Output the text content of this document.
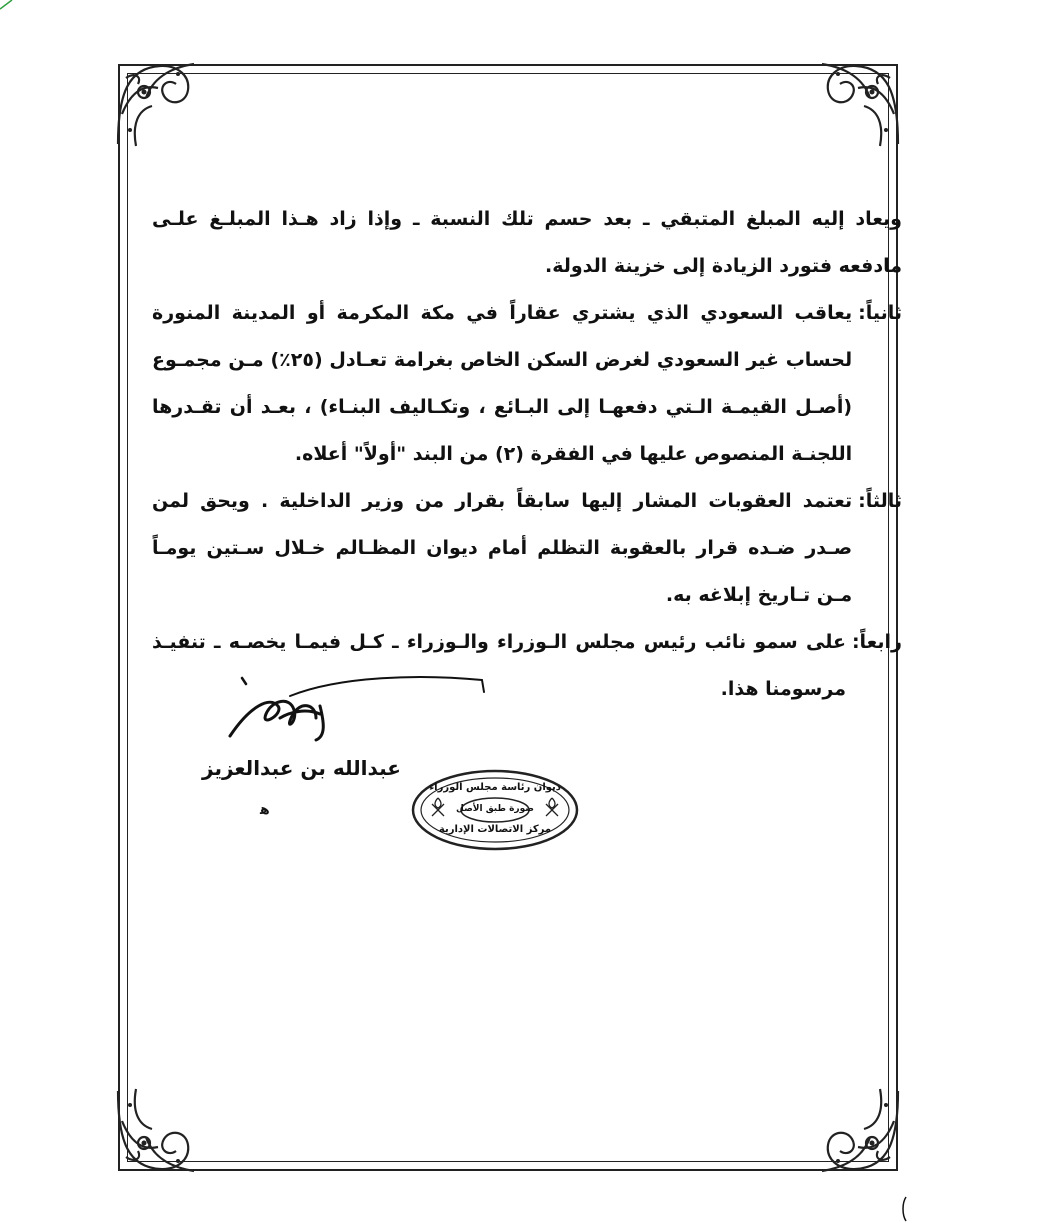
ويعاد إليه المبلغ المتبقي ـ بعد حسم تلك النسبة ـ وإذا زاد هـذا المبلـغ علـى مادفعه فتورد الزيادة إلى خزينة الدولة.
ثانياً:
يعاقب السعودي الذي يشتري عقاراً في مكة المكرمة أو المدينة المنورة لحساب غير السعودي لغرض السكن الخاص بغرامة تعـادل (٢٥٪) مـن مجمـوع (أصـل القيمـة الـتي دفعهـا إلى البـائع ، وتكـاليف البنـاء) ، بعـد أن تقـدرها اللجنـة المنصوص عليها في الفقرة (٢) من البند "أولاً" أعلاه.
ثالثاً:
تعتمد العقوبات المشار إليها سابقاً بقرار من وزير الداخلية . ويحق لمن صـدر ضـده قرار بالعقوبة التظلم أمام ديوان المظـالم خـلال سـتين يومـاً مـن تـاريخ إبلاغه به.
رابعاً:
على سمو نائب رئيس مجلس الـوزراء والـوزراء ـ كـل فيمـا يخصـه ـ تنفيـذ مرسومنا هذا.
عبدالله بن عبدالعزيز
ﻫ
ديوان رئاسة مجلس الوزراء
صورة طبق الأصل
مركز الاتصالات الإدارية
